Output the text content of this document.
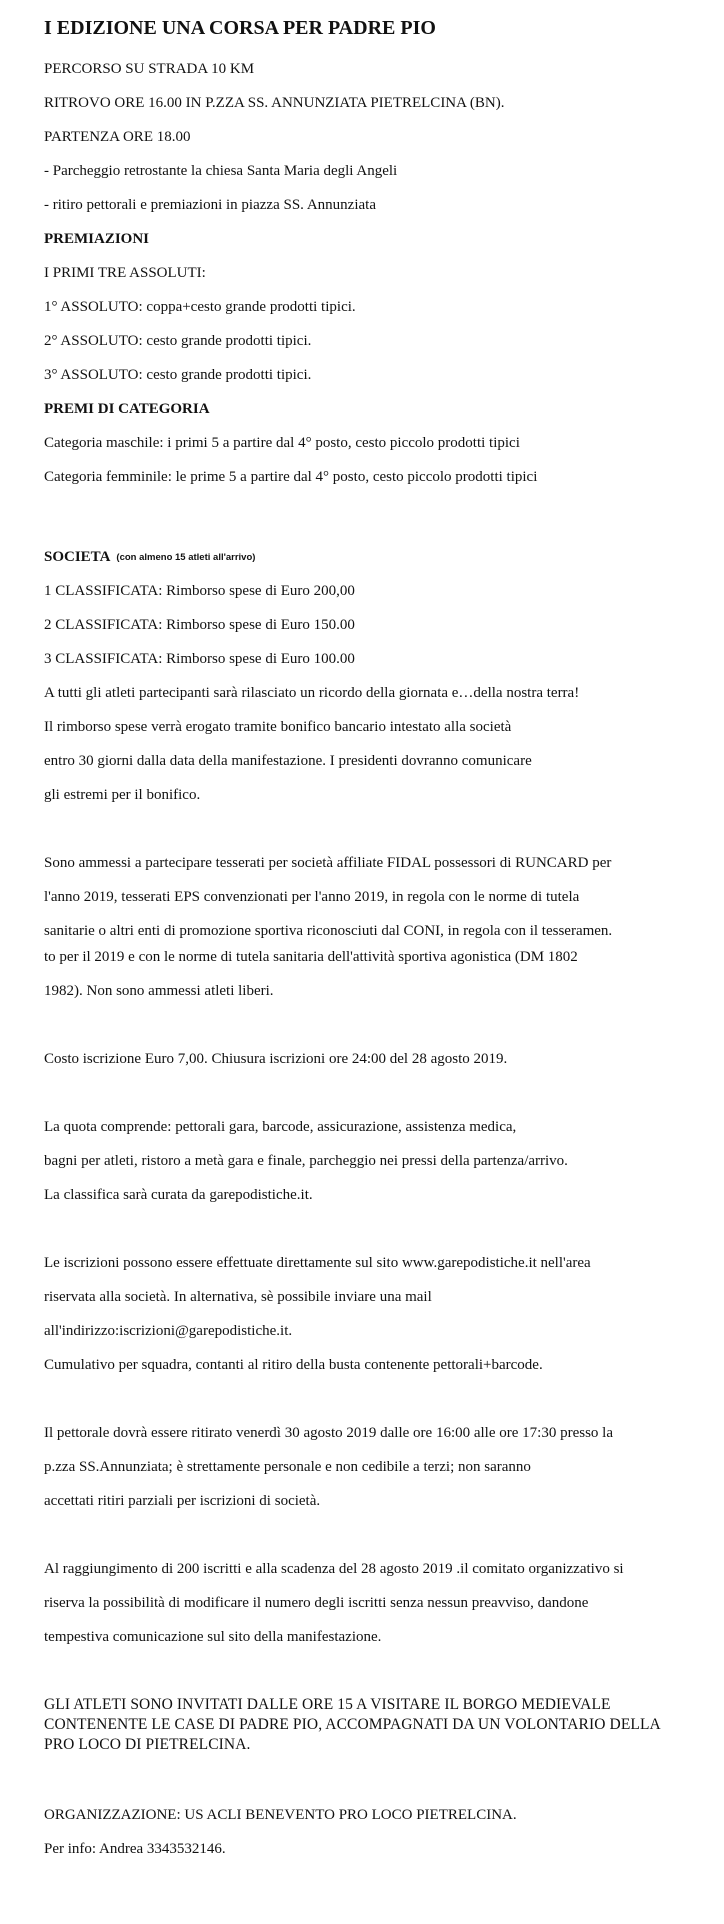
I EDIZIONE UNA CORSA PER PADRE PIO
PERCORSO SU STRADA 10 KM
RITROVO ORE 16.00 IN P.ZZA SS. ANNUNZIATA PIETRELCINA (BN).
PARTENZA ORE 18.00
- Parcheggio retrostante la chiesa Santa Maria degli Angeli
- ritiro pettorali e premiazioni in piazza SS. Annunziata
PREMIAZIONI
I PRIMI TRE ASSOLUTI:
1° ASSOLUTO: coppa+cesto grande prodotti tipici.
2° ASSOLUTO: cesto grande prodotti tipici.
3° ASSOLUTO: cesto grande prodotti tipici.
PREMI DI CATEGORIA
Categoria maschile: i primi 5 a partire dal 4° posto, cesto piccolo prodotti tipici
Categoria femminile: le prime 5 a partire dal 4° posto, cesto piccolo prodotti tipici
SOCIETA (con almeno 15 atleti all'arrivo)
1 CLASSIFICATA: Rimborso spese di Euro 200,00
2 CLASSIFICATA: Rimborso spese di Euro 150.00
3 CLASSIFICATA: Rimborso spese di Euro 100.00
A tutti gli atleti partecipanti sarà rilasciato un ricordo della giornata e…della nostra terra!
Il rimborso spese verrà erogato tramite bonifico bancario intestato alla società
entro 30 giorni dalla data della manifestazione. I presidenti dovranno comunicare
gli estremi per il bonifico.
Sono ammessi a partecipare tesserati per società affiliate FIDAL possessori di RUNCARD per
l'anno 2019, tesserati EPS convenzionati per l'anno 2019, in regola con le norme di tutela
sanitarie o altri enti di promozione sportiva riconosciuti dal CONI, in regola con il tesseramen.
to per il 2019 e con le norme di tutela sanitaria dell'attività sportiva agonistica (DM 1802
1982). Non sono ammessi atleti liberi.
Costo iscrizione Euro 7,00. Chiusura iscrizioni ore 24:00 del 28 agosto 2019.
La quota comprende: pettorali gara, barcode, assicurazione, assistenza medica,
bagni per atleti, ristoro a metà gara e finale, parcheggio nei pressi della partenza/arrivo.
La classifica sarà curata da garepodistiche.it.
Le iscrizioni possono essere effettuate direttamente sul sito www.garepodistiche.it nell'area
riservata alla società. In alternativa, sè possibile inviare una mail
all'indirizzo:iscrizioni@garepodistiche.it.
Cumulativo per squadra, contanti al ritiro della busta contenente pettorali+barcode.
Il pettorale dovrà essere ritirato venerdì 30 agosto 2019 dalle ore 16:00 alle ore 17:30 presso la
p.zza SS.Annunziata; è strettamente personale e non cedibile a terzi; non saranno
accettati ritiri parziali per iscrizioni di società.
Al raggiungimento di 200 iscritti e alla scadenza del 28 agosto 2019 .il comitato organizzativo si
riserva la possibilità di modificare il numero degli iscritti senza nessun preavviso, dandone
tempestiva comunicazione sul sito della manifestazione.
GLI ATLETI SONO INVITATI DALLE ORE 15 A VISITARE IL BORGO MEDIEVALE
CONTENENTE LE CASE DI PADRE PIO, ACCOMPAGNATI DA UN VOLONTARIO DELLA
PRO LOCO DI PIETRELCINA.
ORGANIZZAZIONE: US ACLI BENEVENTO PRO LOCO PIETRELCINA.
Per info: Andrea 3343532146.
